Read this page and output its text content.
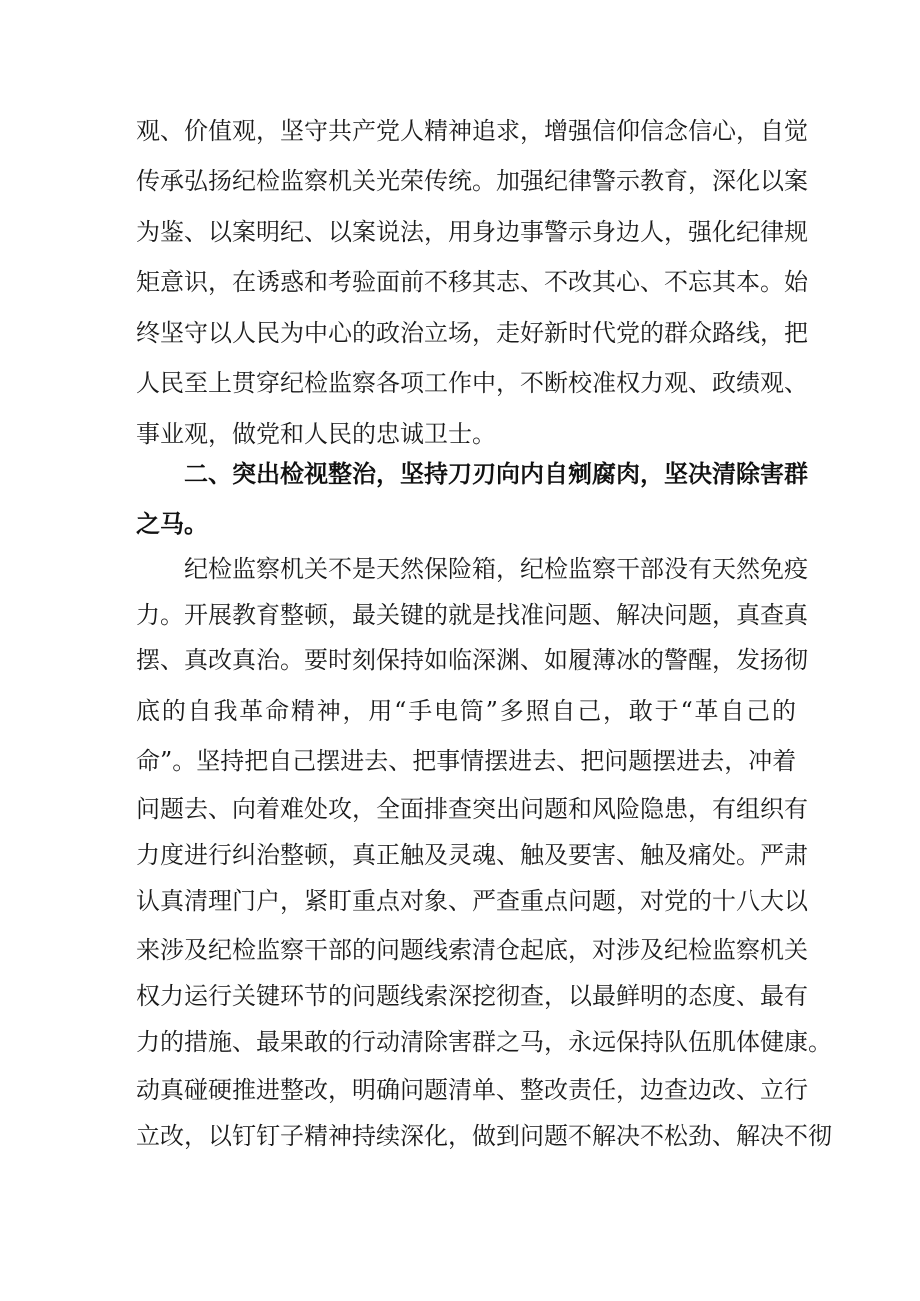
观、价值观，坚守共产党人精神追求，增强信仰信念信心，自觉
传承弘扬纪检监察机关光荣传统。加强纪律警示教育，深化以案
为鉴、以案明纪、以案说法，用身边事警示身边人，强化纪律规
矩意识，在诱惑和考验面前不移其志、不改其心、不忘其本。始
终坚守以人民为中心的政治立场，走好新时代党的群众路线，把
人民至上贯穿纪检监察各项工作中，不断校准权力观、政绩观、
事业观，做党和人民的忠诚卫士。
二、突出检视整治，坚持刀刃向内自剜腐肉，坚决清除害群
之马。
纪检监察机关不是天然保险箱，纪检监察干部没有天然免疫
力。开展教育整顿，最关键的就是找准问题、解决问题，真查真
摆、真改真治。要时刻保持如临深渊、如履薄冰的警醒，发扬彻
底的自我革命精神，用“手电筒”多照自己，敢于“革自己的
命”。坚持把自己摆进去、把事情摆进去、把问题摆进去，冲着
问题去、向着难处攻，全面排查突出问题和风险隐患，有组织有
力度进行纠治整顿，真正触及灵魂、触及要害、触及痛处。严肃
认真清理门户，紧盯重点对象、严查重点问题，对党的十八大以
来涉及纪检监察干部的问题线索清仓起底，对涉及纪检监察机关
权力运行关键环节的问题线索深挖彻查，以最鲜明的态度、最有
力的措施、最果敢的行动清除害群之马，永远保持队伍肌体健康。
动真碰硬推进整改，明确问题清单、整改责任，边查边改、立行
立改，以钉钉子精神持续深化，做到问题不解决不松劲、解决不彻
